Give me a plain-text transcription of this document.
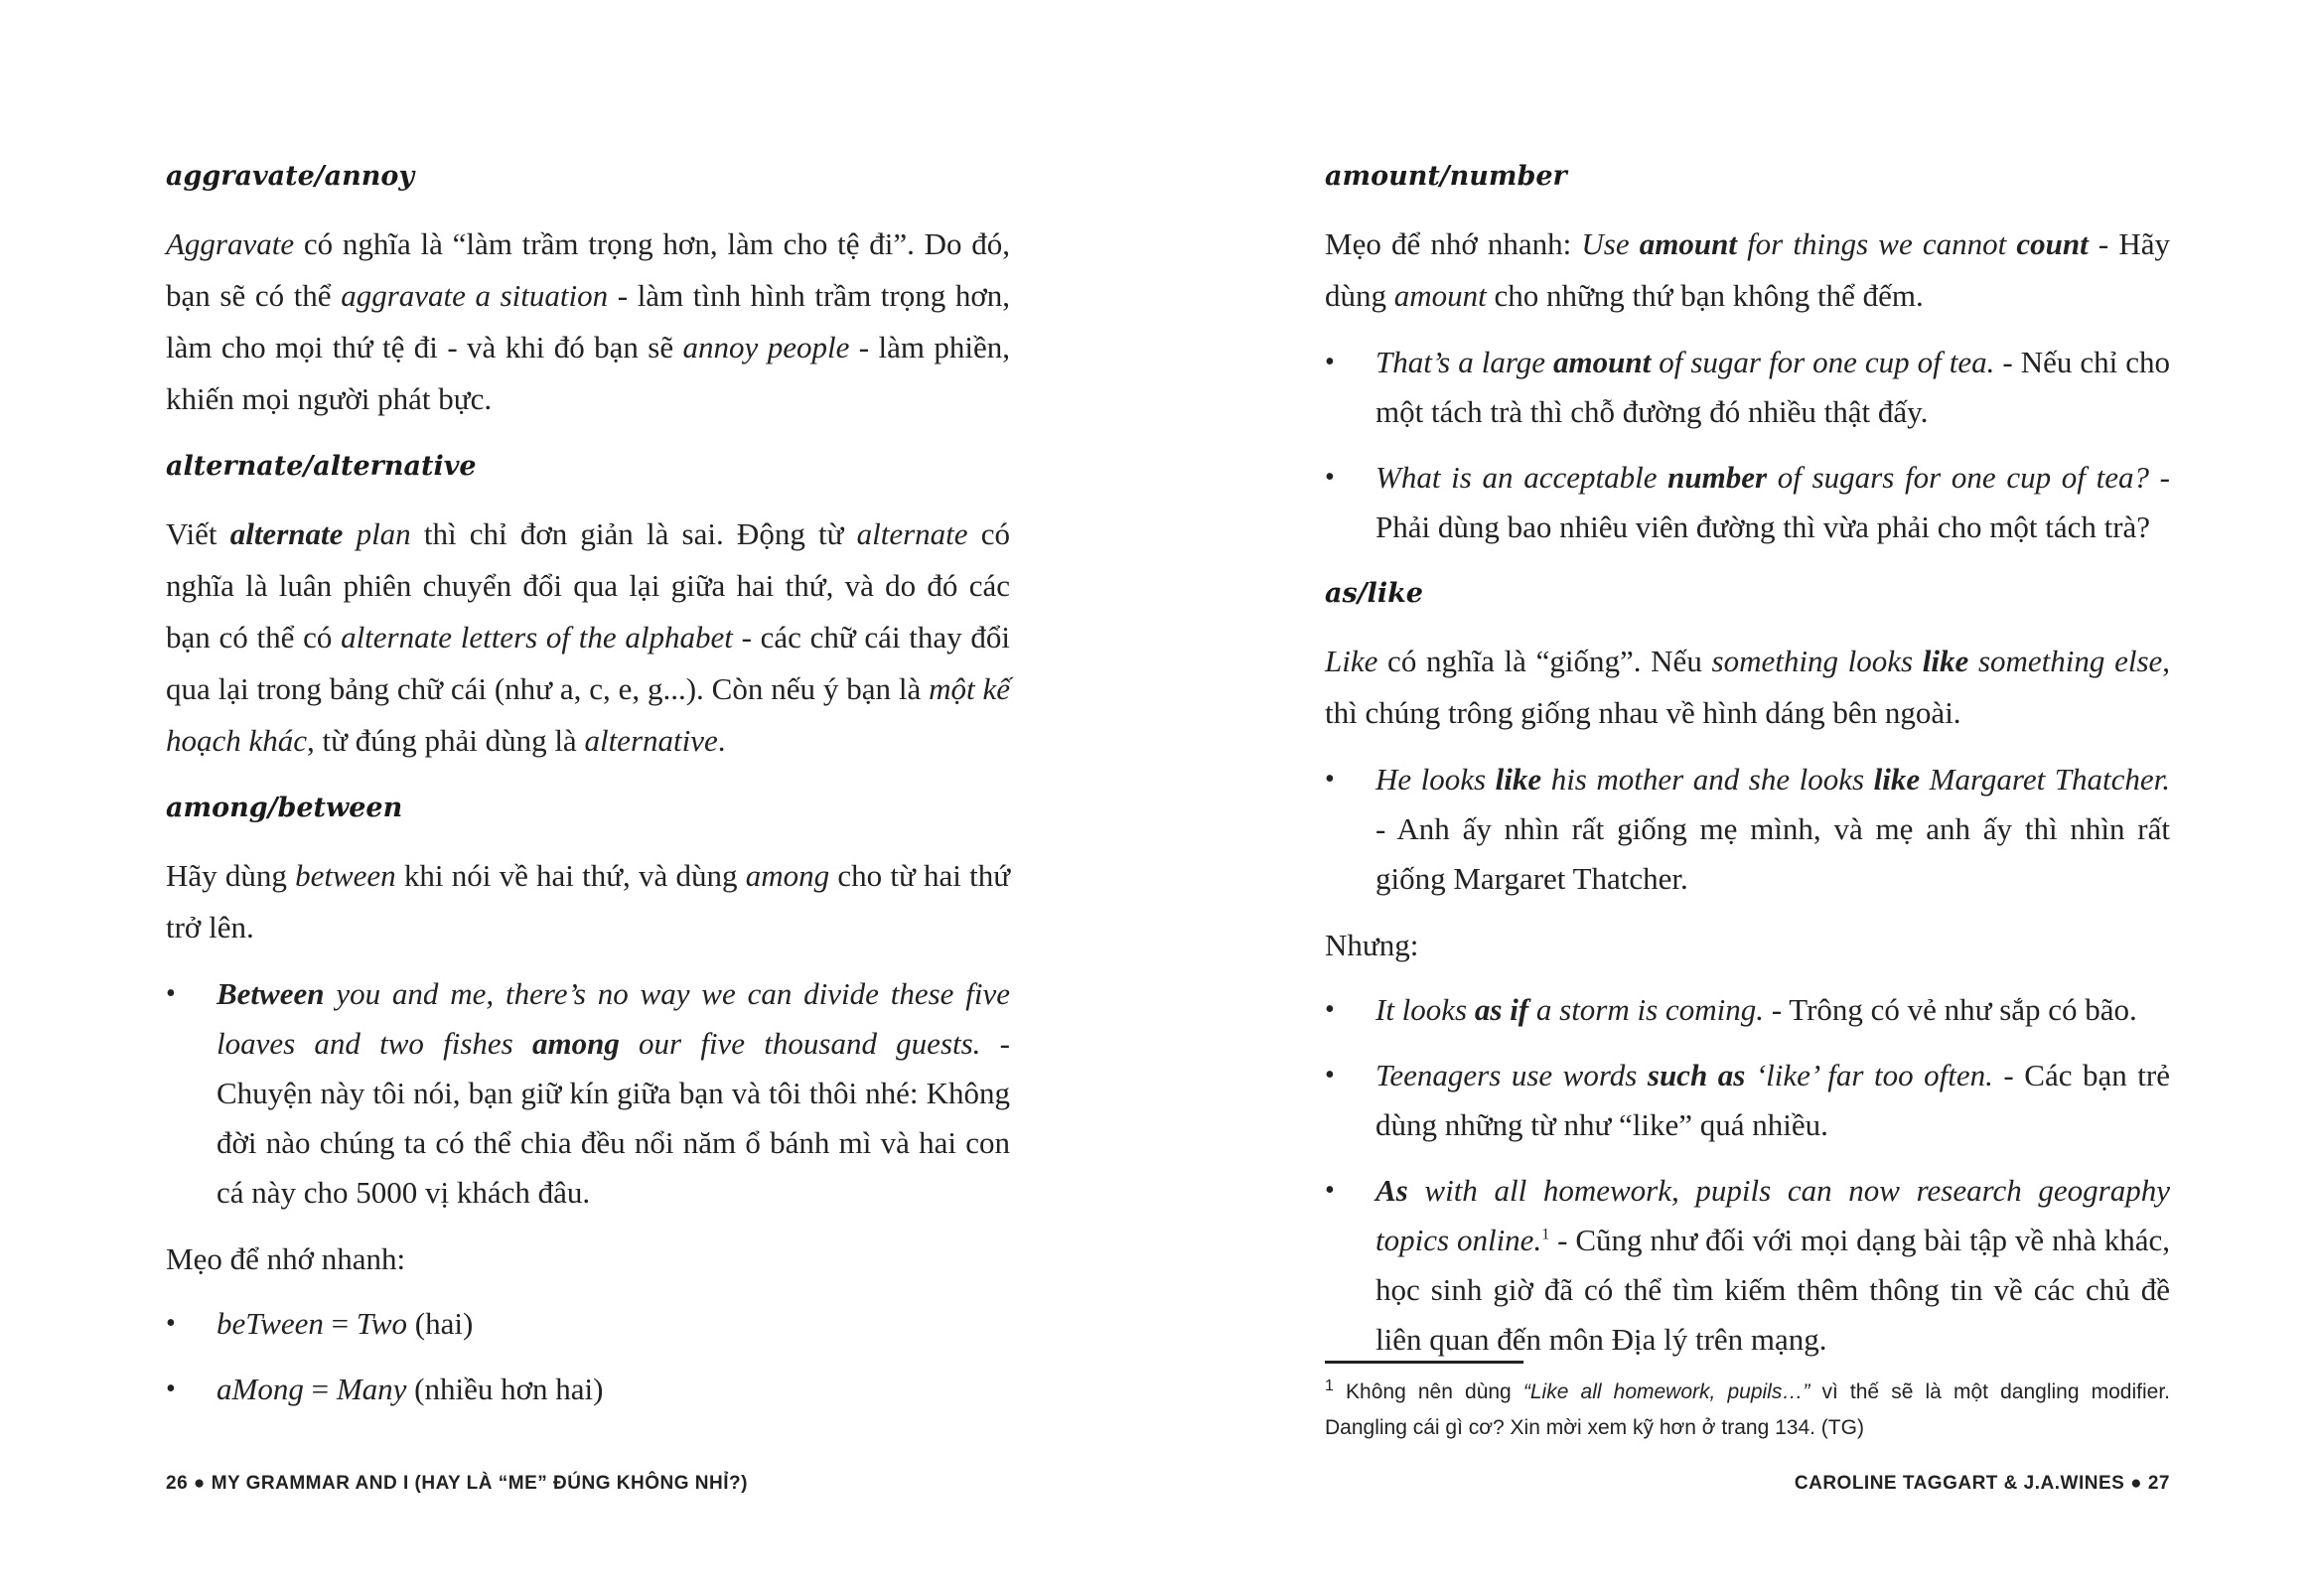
aggravate/annoy

Aggravate có nghĩa là “làm trầm trọng hơn, làm cho tệ đi”. Do đó, bạn sẽ có thể aggravate a situation - làm tình hình trầm trọng hơn, làm cho mọi thứ tệ đi - và khi đó bạn sẽ annoy people - làm phiền, khiến mọi người phát bực.

alternate/alternative

Viết alternate plan thì chỉ đơn giản là sai. Động từ alternate có nghĩa là luân phiên chuyển đổi qua lại giữa hai thứ, và do đó các bạn có thể có alternate letters of the alphabet - các chữ cái thay đổi qua lại trong bảng chữ cái (như a, c, e, g...). Còn nếu ý bạn là một kế hoạch khác, từ đúng phải dùng là alternative.

among/between

Hãy dùng between khi nói về hai thứ, và dùng among cho từ hai thứ trở lên.

• Between you and me, there’s no way we can divide these five loaves and two fishes among our five thousand guests. - Chuyện này tôi nói, bạn giữ kín giữa bạn và tôi thôi nhé: Không đời nào chúng ta có thể chia đều nổi năm ổ bánh mì và hai con cá này cho 5000 vị khách đâu.

Mẹo để nhớ nhanh:

• beTween = Two (hai)
• aMong = Many (nhiều hơn hai)
amount/number

Mẹo để nhớ nhanh: Use amount for things we cannot count - Hãy dùng amount cho những thứ bạn không thể đếm.

• That’s a large amount of sugar for one cup of tea. - Nếu chỉ cho một tách trà thì chỗ đường đó nhiều thật đấy.
• What is an acceptable number of sugars for one cup of tea? - Phải dùng bao nhiêu viên đường thì vừa phải cho một tách trà?
as/like

Like có nghĩa là “giống”. Nếu something looks like something else, thì chúng trông giống nhau về hình dáng bên ngoài.

• He looks like his mother and she looks like Margaret Thatcher. - Anh ấy nhìn rất giống mẹ mình, và mẹ anh ấy thì nhìn rất giống Margaret Thatcher.

Nhưng:

• It looks as if a storm is coming. - Trông có vẻ như sắp có bão.
• Teenagers use words such as ‘like’ far too often. - Các bạn trẻ dùng những từ như “like” quá nhiều.
• As with all homework, pupils can now research geography topics online.$^1$ - Cũng như đối với mọi dạng bài tập về nhà khác, học sinh giờ đã có thể tìm kiếm thêm thông tin về các chủ đề liên quan đến môn Địa lý trên mạng.
$^1$ Không nên dùng “Like all homework, pupils…” vì thế sẽ là một dangling modifier. Dangling cái gì cơ? Xin mời xem kỹ hơn ở trang 134. (TG)
26 ● MY GRAMMAR AND I (HAY LÀ “ME” ĐÚNG KHÔNG NHỈ?)	CAROLINE TAGGART & J.A.WINES ● 27
